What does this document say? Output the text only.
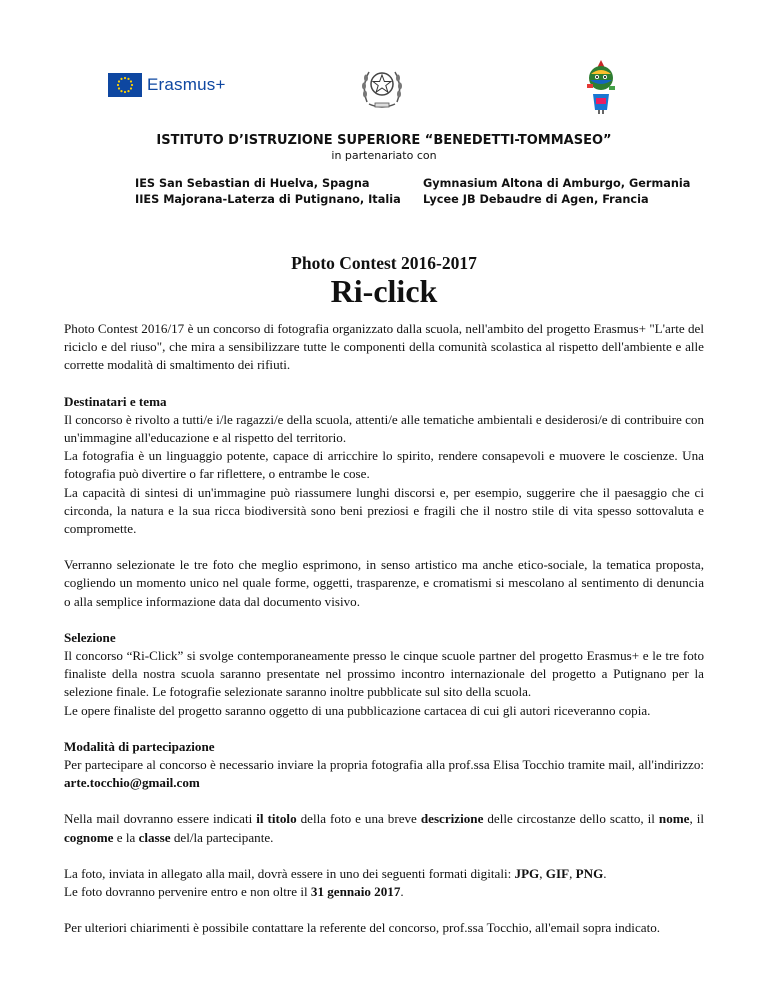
Erasmus+
ISTITUTO D’ISTRUZIONE SUPERIORE “BENEDETTI-TOMMASEO”
in partenariato con
IES San Sebastian di Huelva, Spagna
IIES Majorana-Laterza di Putignano, Italia
Gymnasium Altona di Amburgo, Germania
Lycee JB Debaudre di Agen, Francia
Photo Contest 2016-2017
Ri-click

Photo Contest 2016/17 è un concorso di fotografia organizzato dalla scuola, nell'ambito del progetto Erasmus+ "L'arte del riciclo e del riuso", che mira a sensibilizzare tutte le componenti della comunità scolastica al rispetto dell'ambiente e alle corrette modalità di smaltimento dei rifiuti.

Destinatari e tema

Il concorso è rivolto a tutti/e i/le ragazzi/e della scuola, attenti/e alle tematiche ambientali e desiderosi/e di contribuire con un'immagine all'educazione e al rispetto del territorio.

La fotografia è un linguaggio potente, capace di arricchire lo spirito, rendere consapevoli e muovere le coscienze. Una fotografia può divertire o far riflettere, o entrambe le cose.

La capacità di sintesi di un'immagine può riassumere lunghi discorsi e, per esempio, suggerire che il paesaggio che ci circonda, la natura e la sua ricca biodiversità sono beni preziosi e fragili che il nostro stile di vita spesso sottovaluta e compromette.

Verranno selezionate le tre foto che meglio esprimono, in senso artistico ma anche etico-sociale, la tematica proposta, cogliendo un momento unico nel quale forme, oggetti, trasparenze, e cromatismi si mescolano al sentimento di denuncia o alla semplice informazione data dal documento visivo.

Selezione

Il concorso “Ri-Click” si svolge contemporaneamente presso le cinque scuole partner del progetto Erasmus+ e le tre foto finaliste della nostra scuola saranno presentate nel prossimo incontro internazionale del progetto a Putignano per la selezione finale. Le fotografie selezionate saranno inoltre pubblicate sul sito della scuola.

Le opere finaliste del progetto saranno oggetto di una pubblicazione cartacea di cui gli autori riceveranno copia.

Modalità di partecipazione

Per partecipare al concorso è necessario inviare la propria fotografia alla prof.ssa Elisa Tocchio tramite mail, all'indirizzo: arte.tocchio@gmail.com

Nella mail dovranno essere indicati il titolo della foto e una breve descrizione delle circostanze dello scatto, il nome, il cognome e la classe del/la partecipante.

La foto, inviata in allegato alla mail, dovrà essere in uno dei seguenti formati digitali: JPG, GIF, PNG.
Le foto dovranno pervenire entro e non oltre il 31 gennaio 2017.

Per ulteriori chiarimenti è possibile contattare la referente del concorso, prof.ssa Tocchio, all'email sopra indicato.
